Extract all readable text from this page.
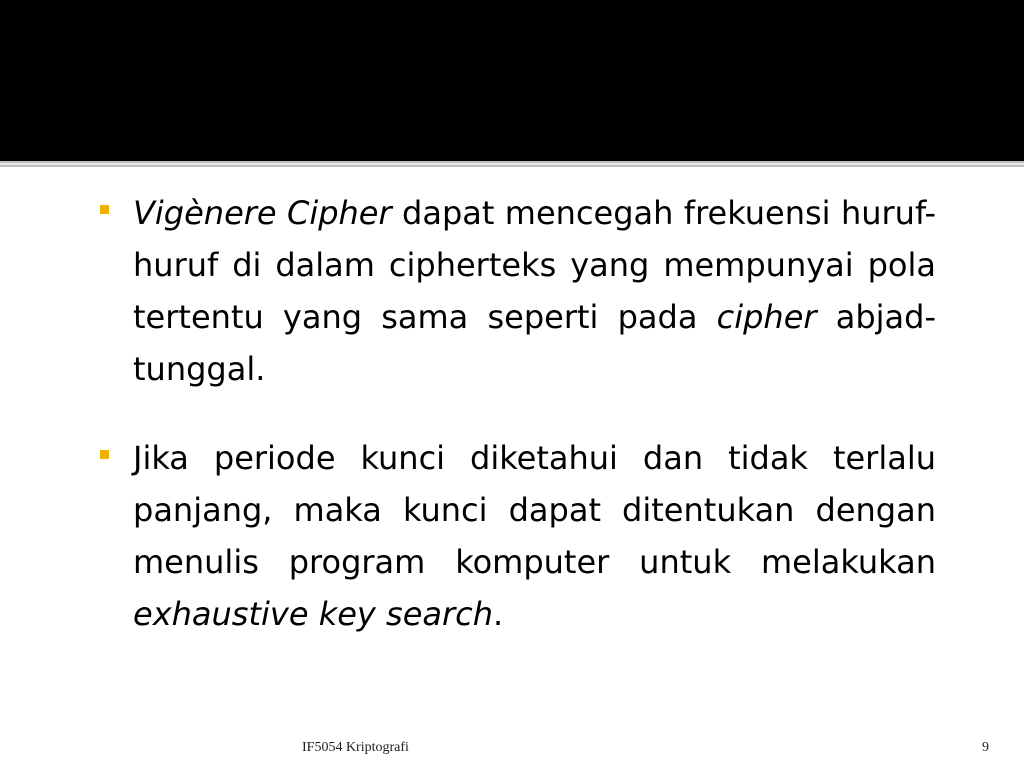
Vigènere Cipher dapat mencegah frekuensi huruf-huruf di dalam cipherteks yang mempunyai pola tertentu yang sama seperti pada cipher abjad-tunggal.
Jika periode kunci diketahui dan tidak terlalu panjang, maka kunci dapat ditentukan dengan menulis program komputer untuk melakukan exhaustive key search.
IF5054 Kriptografi	9
